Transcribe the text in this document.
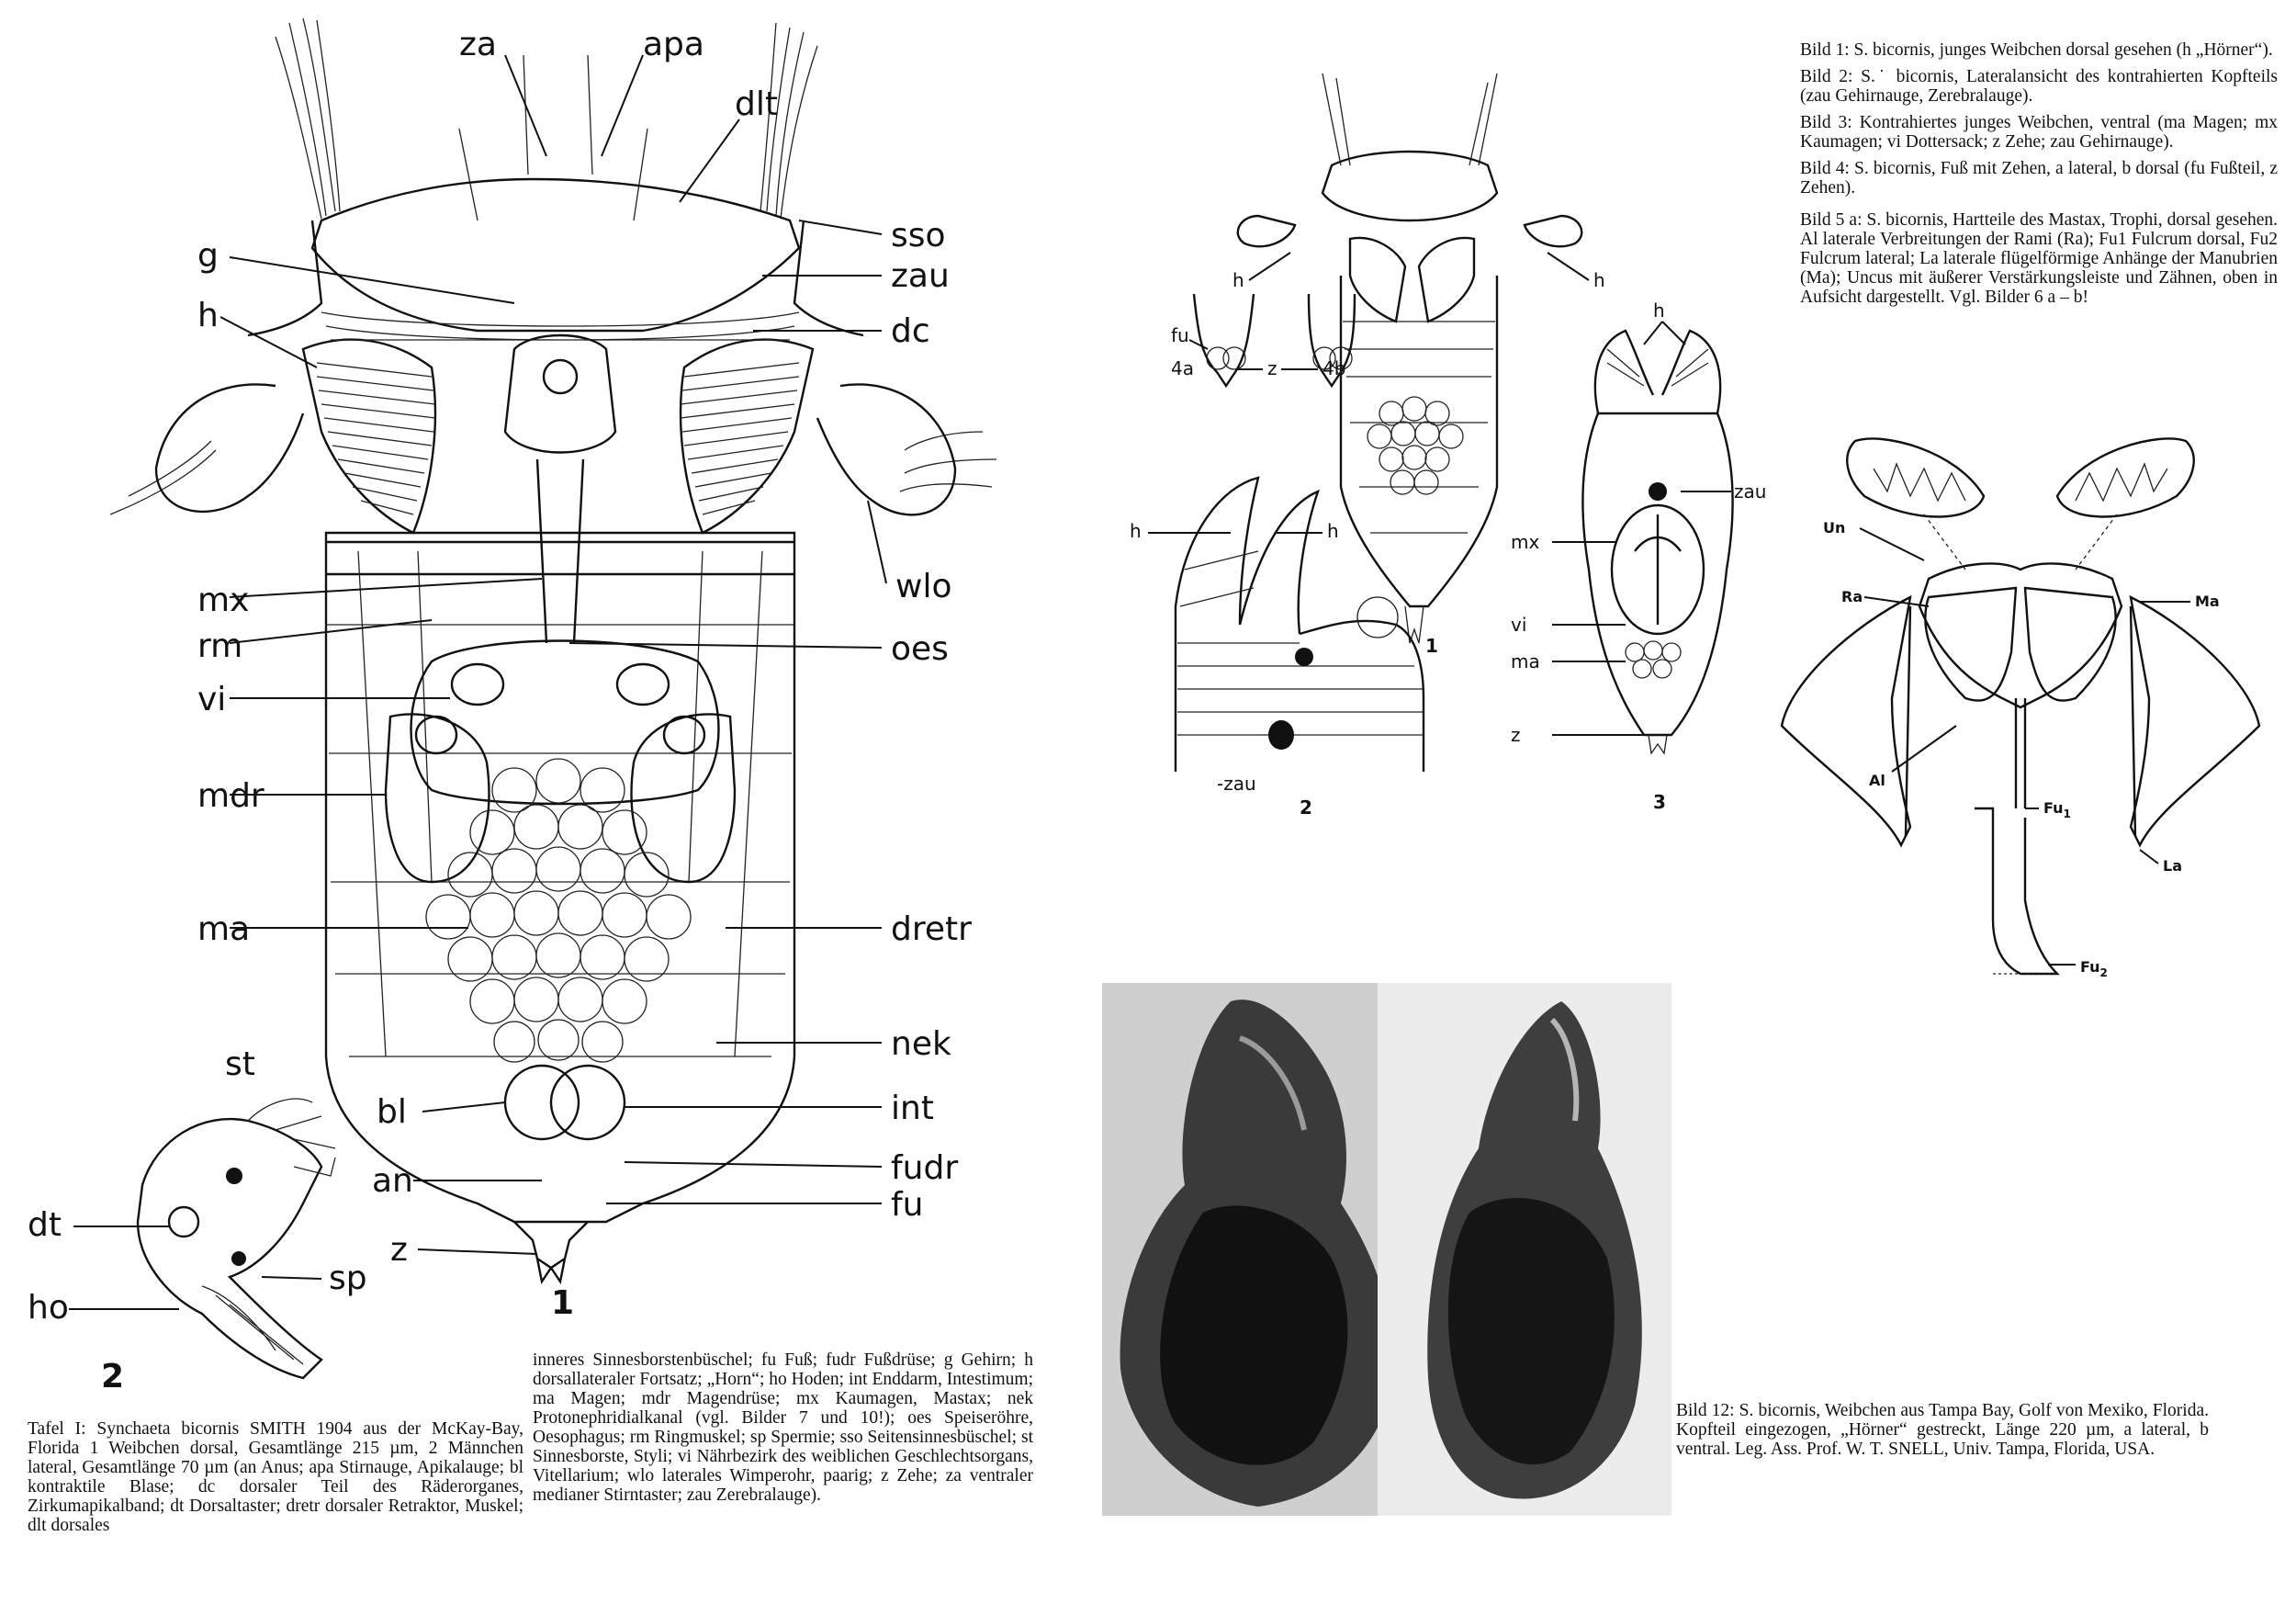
za	apa
dlt
sso
g
zau
h	dc
wlo
mx
rm	oes
vi
mdr
ma	dretr
nek
int
bl
fudr
an
fu
z
1
st
dt
sp
ho
2
Tafel I: Synchaeta bicornis SMITH 1904 aus der McKay-Bay, Florida 1 Weibchen dorsal, Gesamtlänge 215 µm, 2 Männchen lateral, Gesamtlänge 70 µm (an Anus; apa Stirnauge, Apikalauge; bl kontraktile Blase; dc dorsaler Teil des Räderorganes, Zirkumapikalband; dt Dorsaltaster; dretr dorsaler Retraktor, Muskel; dlt dorsales
inneres Sinnesborstenbüschel; fu Fuß; fudr Fußdrüse; g Gehirn; h dorsallateraler Fortsatz; „Horn“; ho Hoden; int Enddarm, Intestimum; ma Magen; mdr Magendrüse; mx Kaumagen, Mastax; nek Protonephridialkanal (vgl. Bilder 7 und 10!); oes Speiseröhre, Oesophagus; rm Ringmuskel; sp Spermie; sso Seitensinnesbüschel; st Sinnesborste, Styli; vi Nährbezirk des weiblichen Geschlechtsorgans, Vitellarium; wlo laterales Wimperohr, paarig; z Zehe; za ventraler medianer Stirntaster; zau Zerebralauge).
h	h
1
fu
4a	z 4b
h	h
-zau
2
h
zau
mx
vi
ma
z
3

Bild 1: S. bicornis, junges Weibchen dorsal gesehen (h „Hörner“).

Bild 2: S.˙ bicornis, Lateralansicht des kontrahierten Kopfteils (zau Gehirnauge, Zerebralauge).

Bild 3: Kontrahiertes junges Weibchen, ventral (ma Magen; mx Kaumagen; vi Dottersack; z Zehe; zau Gehirnauge).

Bild 4: S. bicornis, Fuß mit Zehen, a lateral, b dorsal (fu Fußteil, z Zehen).

Bild 5 a: S. bicornis, Hartteile des Mastax, Trophi, dorsal gesehen. Al laterale Verbreitungen der Rami (Ra); Fu1 Fulcrum dorsal, Fu2 Fulcrum lateral; La laterale flügelförmige Anhänge der Manubrien (Ma); Uncus mit äußerer Verstärkungsleiste und Zähnen, oben in Aufsicht dargestellt. Vgl. Bilder 6 a – b!

Un
Ra	Ma
Al
$Fu_1$
La
$Fu_2$
Bild 12: S. bicornis, Weibchen aus Tampa Bay, Golf von Mexiko, Florida. Kopfteil eingezogen, „Hörner“ gestreckt, Länge 220 µm, a lateral, b ventral. Leg. Ass. Prof. W. T. SNELL, Univ. Tampa, Florida, USA.
